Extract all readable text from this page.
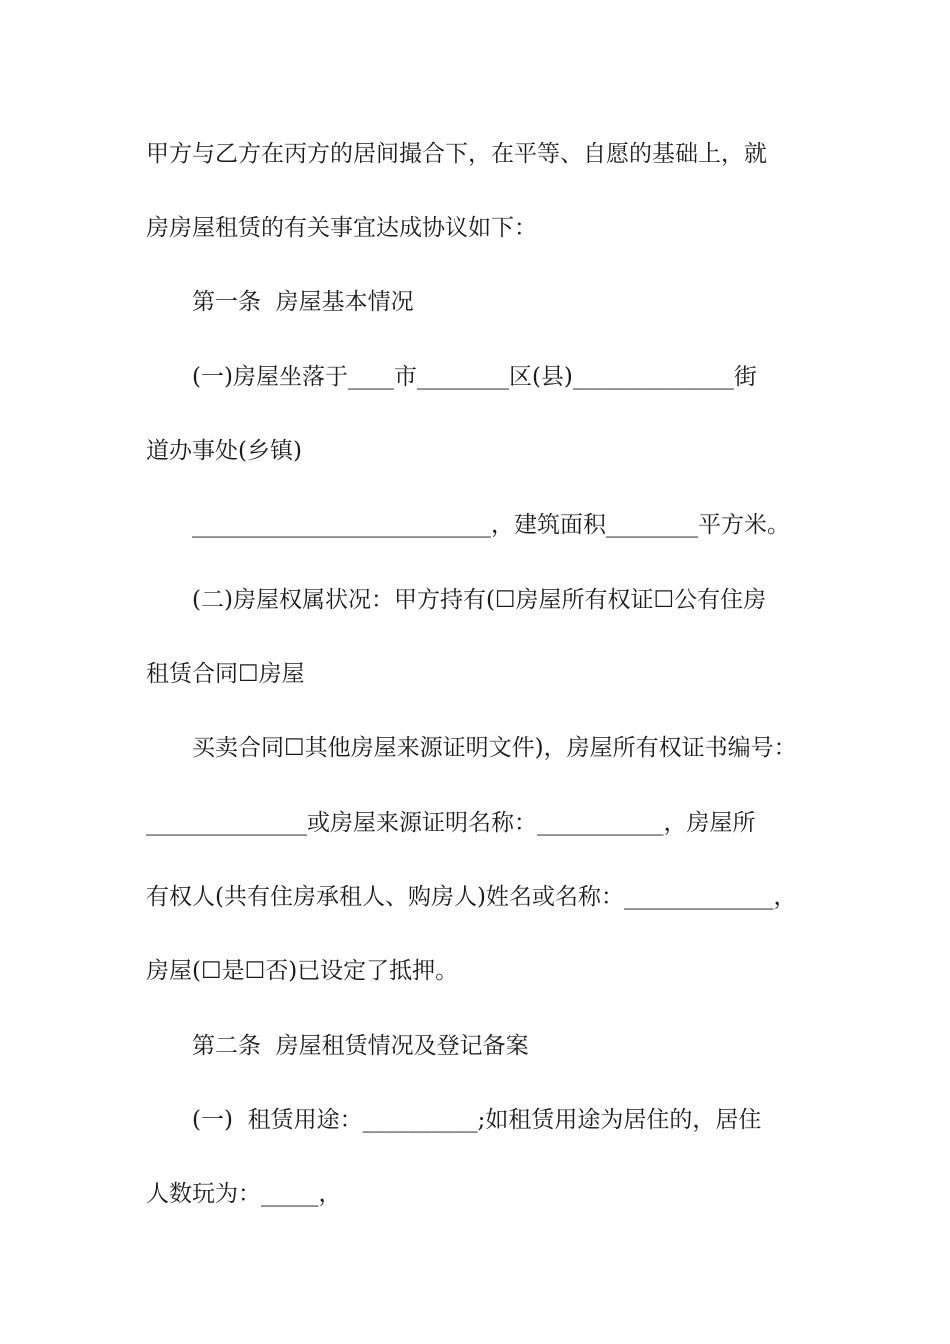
甲方与乙方在丙方的居间撮合下，在平等、自愿的基础上，就
房房屋租赁的有关事宜达成协议如下：
第一条  房屋基本情况
(一)房屋坐落于____市________区(县)______________街
道办事处(乡镇)
__________________________，建筑面积________平方米。
(二)房屋权属状况：甲方持有(☐房屋所有权证☐公有住房
租赁合同☐房屋
买卖合同☐其他房屋来源证明文件)，房屋所有权证书编号：
______________或房屋来源证明名称：___________，房屋所
有权人(共有住房承租人、购房人)姓名或名称：_____________，
房屋(☐是☐否)已设定了抵押。
第二条  房屋租赁情况及登记备案
(一)  租赁用途：__________;如租赁用途为居住的，居住
人数玩为：_____，
